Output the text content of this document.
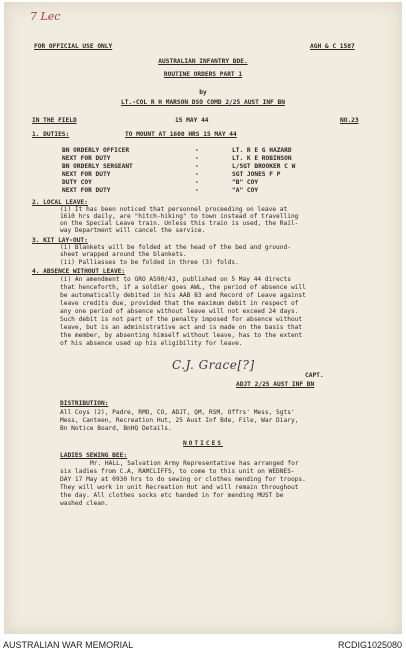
7 Lec
FOR OFFICIAL USE ONLY	AGH & C 1587
AUSTRALIAN INFANTRY BDE.
ROUTINE ORDERS PART 1
by
LT.-COL R H MARSON DSO COMD 2/25 AUST INF BN
IN THE FIELD	15 MAY 44	NO.23
1. DUTIES:	TO MOUNT AT 1600 HRS 15 MAY 44
BN ORDERLY OFFICER	-	LT. R E G HAZARD
NEXT FOR DUTY	-	LT. K E ROBINSON
BN ORDERLY SERGEANT	-	L/SGT BROOKER C W
NEXT FOR DUTY	-	SGT JONES F P
DUTY COY	-	"B" COY
NEXT FOR DUTY	-	"A" COY
2. LOCAL LEAVE:
(i) It has been noticed that personnel proceeding on leave at
1610 hrs daily, are "hitch-hiking" to town instead of travelling
on the Special Leave train. Unless this train is used, the Rail-
way Department will cancel the service.
3. KIT LAY-OUT:
(i) Blankets will be folded at the head of the bed and ground-
sheet wrapped around the blankets.
(ii) Palliasses to be folded in three (3) folds.
4. ABSENCE WITHOUT LEAVE:
(i) An amendment to GRO A590/43, published on 5 May 44 directs
that henceforth, if a soldier goes AWL, the period of absence will
be automatically debited in his AAB 83 and Record of Leave against
leave credits due, provided that the maximum debit in respect of
any one period of absence without leave will not exceed 24 days.
Such debit is not part of the penalty imposed for absence without
leave, but is an administrative act and is made on the basis that
the member, by absenting himself without leave, has to the extent
of his absence used up his eligibility for leave.
C.J. Grace[?]
CAPT.
ADJT 2/25 AUST INF BN
DISTRIBUTION:
All Coys (2), Padre, RMO, CO, ADJT, QM, RSM, Offrs' Mess, Sgts'
Mess, Canteen, Recreation Hut, 25 Aust Inf Bde, File, War Diary,
Bn Notice Board, BnHQ Details.
NOTICES
LADIES SEWING BEE:
Mr. HALL, Salvation Army Representative has arranged for
six ladies from C.A, RAMCLIFFS, to come to this unit on WEDNES-
DAY 17 May at 0930 hrs to do sewing or clothes mending for troops.
They will work in unit Recreation Hut and will remain throughout
the day. All clothes socks etc handed in for mending MUST be
washed clean.
AUSTRALIAN WAR MEMORIAL	RCDIG1025080
